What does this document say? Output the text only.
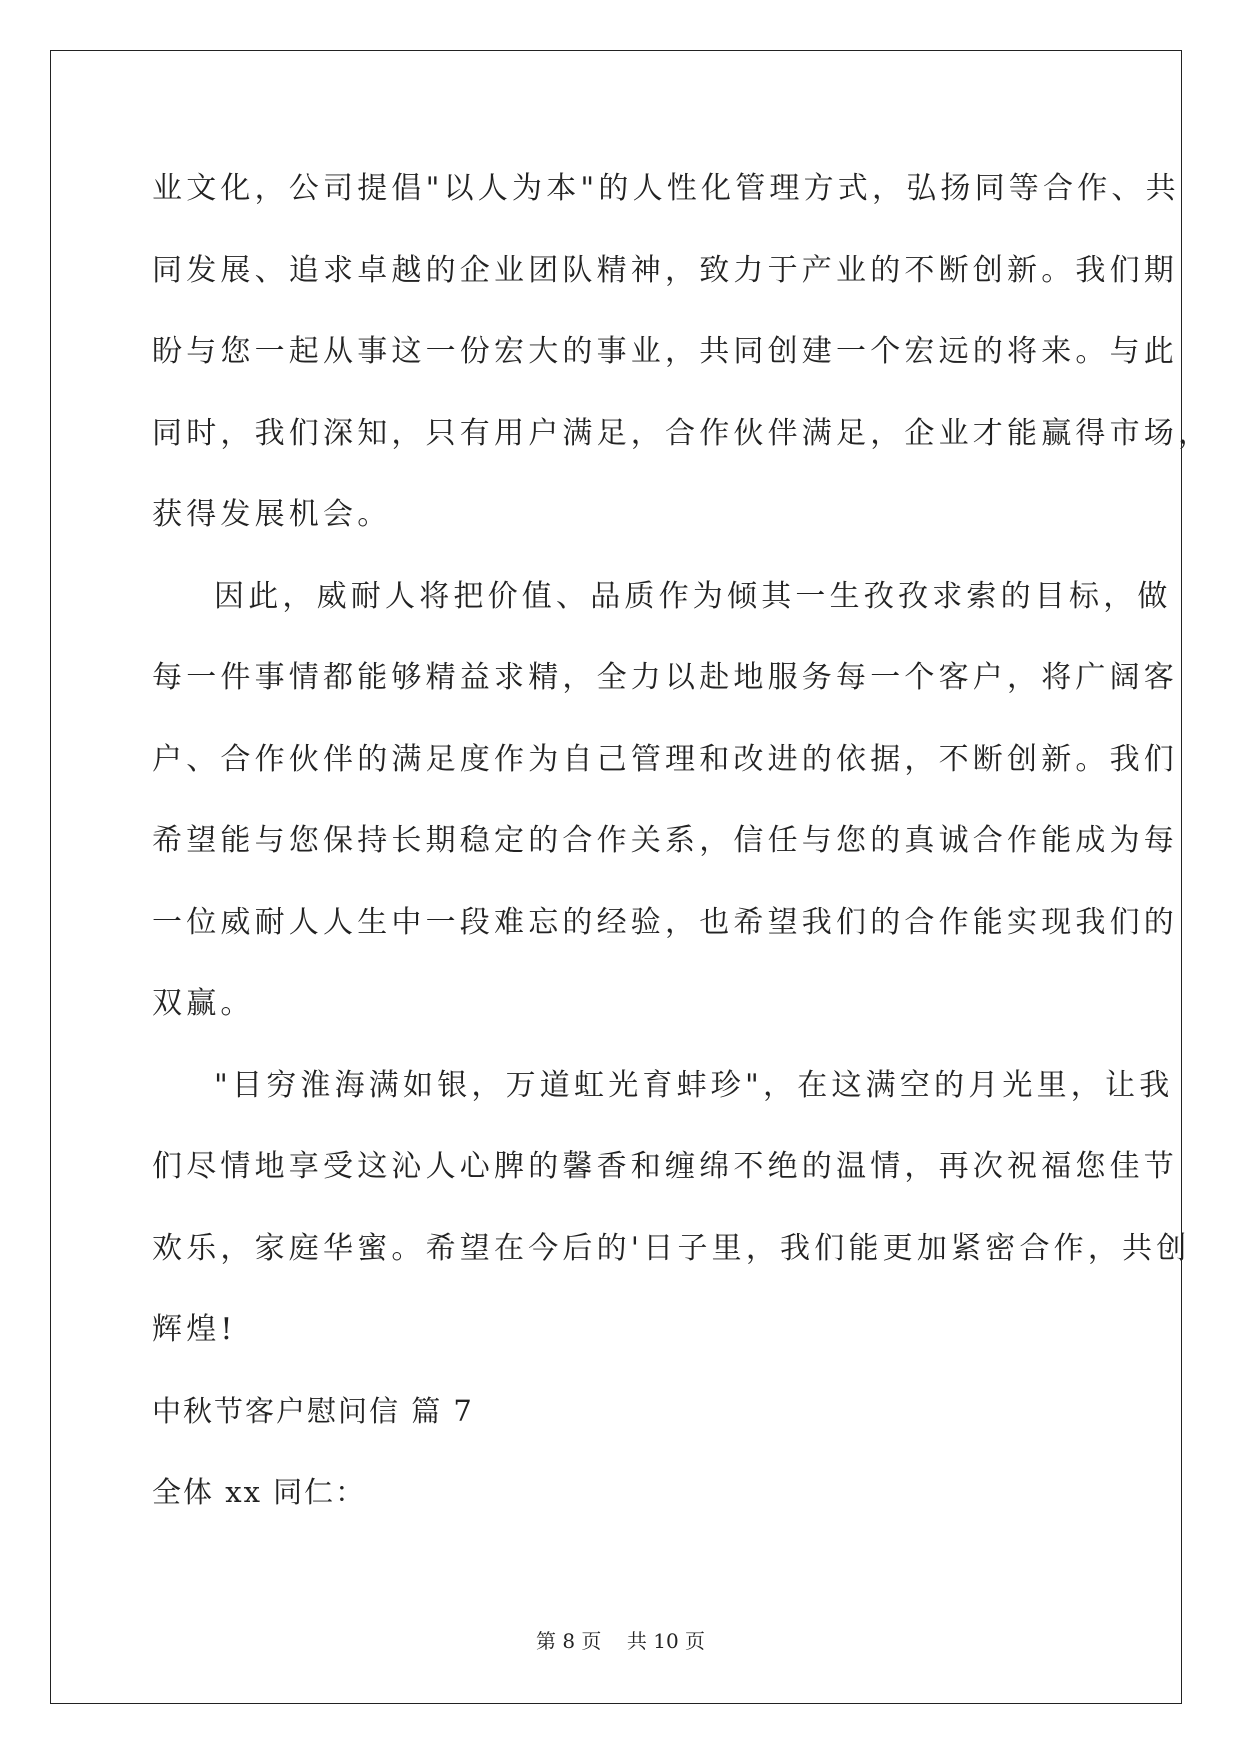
业文化，公司提倡"以人为本"的人性化管理方式，弘扬同等合作、共
同发展、追求卓越的企业团队精神，致力于产业的不断创新。我们期
盼与您一起从事这一份宏大的事业，共同创建一个宏远的将来。与此
同时，我们深知，只有用户满足，合作伙伴满足，企业才能赢得市场，
获得发展机会。

因此，威耐人将把价值、品质作为倾其一生孜孜求索的目标，做
每一件事情都能够精益求精，全力以赴地服务每一个客户，将广阔客
户、合作伙伴的满足度作为自己管理和改进的依据，不断创新。我们
希望能与您保持长期稳定的合作关系，信任与您的真诚合作能成为每
一位威耐人人生中一段难忘的经验，也希望我们的合作能实现我们的
双赢。

"目穷淮海满如银，万道虹光育蚌珍"，在这满空的月光里，让我
们尽情地享受这沁人心脾的馨香和缠绵不绝的温情，再次祝福您佳节
欢乐，家庭华蜜。希望在今后的'日子里，我们能更加紧密合作，共创
辉煌!

中秋节客户慰问信 篇 7

全体 xx 同仁：

第 8 页 共 10 页
